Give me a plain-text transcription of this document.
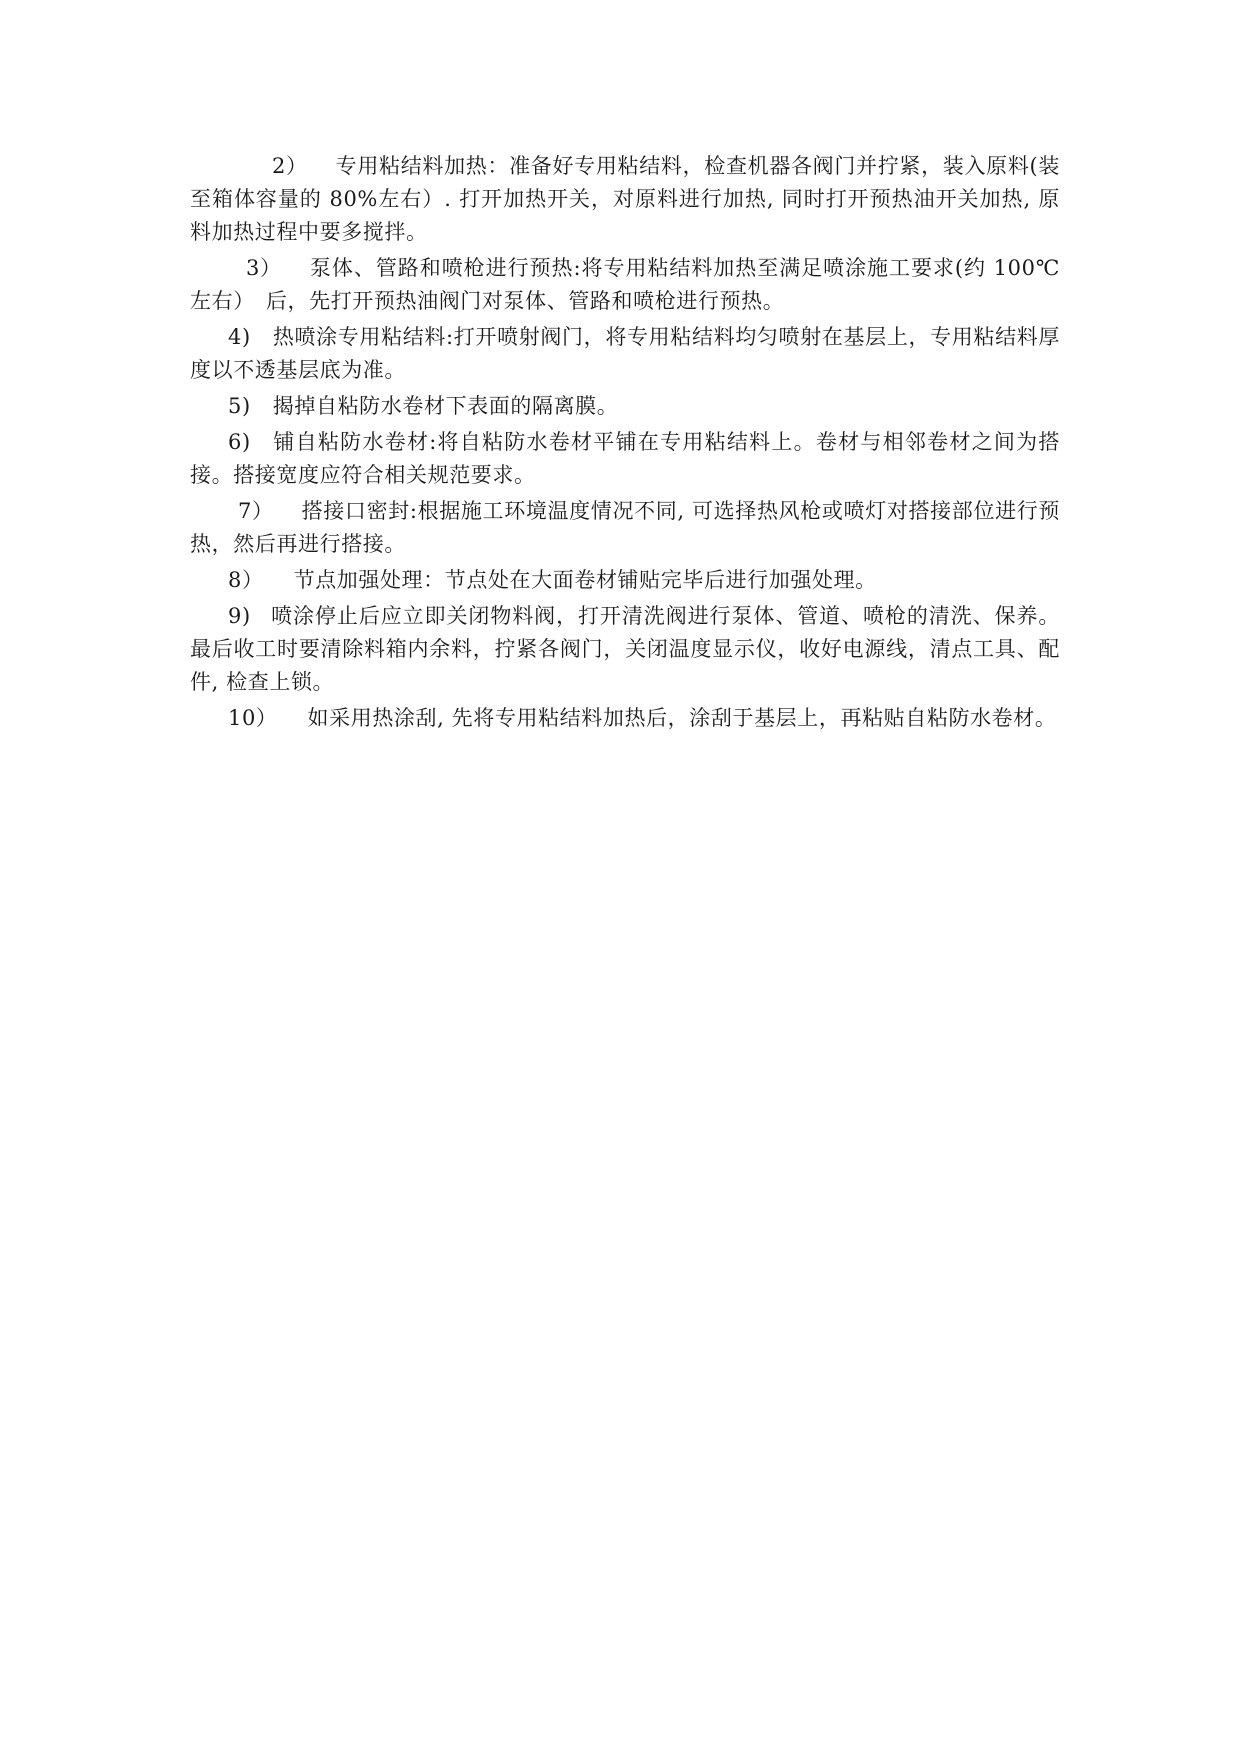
2） 专用粘结料加热：准备好专用粘结料，检查机器各阀门并拧紧，装入原料(装至箱体容量的 80%左右）. 打开加热开关，对原料进行加热, 同时打开预热油开关加热, 原料加热过程中要多搅拌。

3） 泵体、管路和喷枪进行预热:将专用粘结料加热至满足喷涂施工要求(约 100℃左右）　后，先打开预热油阀门对泵体、管路和喷枪进行预热。

4) 热喷涂专用粘结料:打开喷射阀门，将专用粘结料均匀喷射在基层上，专用粘结料厚度以不透基层底为准。

5) 揭掉自粘防水卷材下表面的隔离膜。

6) 铺自粘防水卷材:将自粘防水卷材平铺在专用粘结料上。卷材与相邻卷材之间为搭接。搭接宽度应符合相关规范要求。

7） 搭接口密封:根据施工环境温度情况不同, 可选择热风枪或喷灯对搭接部位进行预热，然后再进行搭接。

8） 节点加强处理：节点处在大面卷材铺贴完毕后进行加强处理。

9) 喷涂停止后应立即关闭物料阀，打开清洗阀进行泵体、管道、喷枪的清洗、保养。最后收工时要清除料箱内余料，拧紧各阀门，关闭温度显示仪，收好电源线，清点工具、配件, 检查上锁。

10） 如采用热涂刮, 先将专用粘结料加热后，涂刮于基层上，再粘贴自粘防水卷材。
